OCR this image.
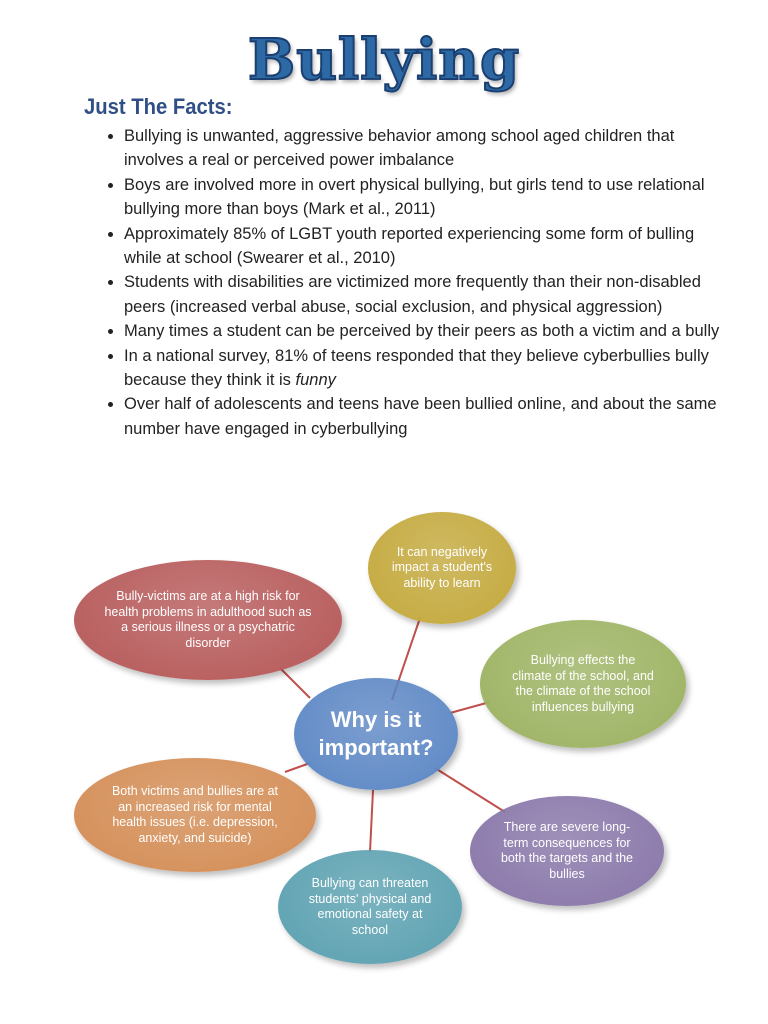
Bullying
Just The Facts:
• Bullying is unwanted, aggressive behavior among school aged children that involves a real or perceived power imbalance
• Boys are involved more in overt physical bullying, but girls tend to use relational bullying more than boys (Mark et al., 2011)
• Approximately 85% of LGBT youth reported experiencing some form of bulling while at school (Swearer et al., 2010)
• Students with disabilities are victimized more frequently than their non-disabled peers (increased verbal abuse, social exclusion, and physical aggression)
• Many times a student can be perceived by their peers as both a victim and a bully
• In a national survey, 81% of teens responded that they believe cyberbullies bully because they think it is funny
• Over half of adolescents and teens have been bullied online, and about the same number have engaged in cyberbullying
It can negatively impact a student's ability to learn
Bullying effects the climate of the school, and the climate of the school influences bullying
There are severe long-term consequences for both the targets and the bullies
Bullying can threaten students' physical and emotional safety at school
Both victims and bullies are at an increased risk for mental health issues (i.e. depression, anxiety, and suicide)
Bully-victims are at a high risk for health problems in adulthood such as a serious illness or a psychatric disorder
Why is it important?
